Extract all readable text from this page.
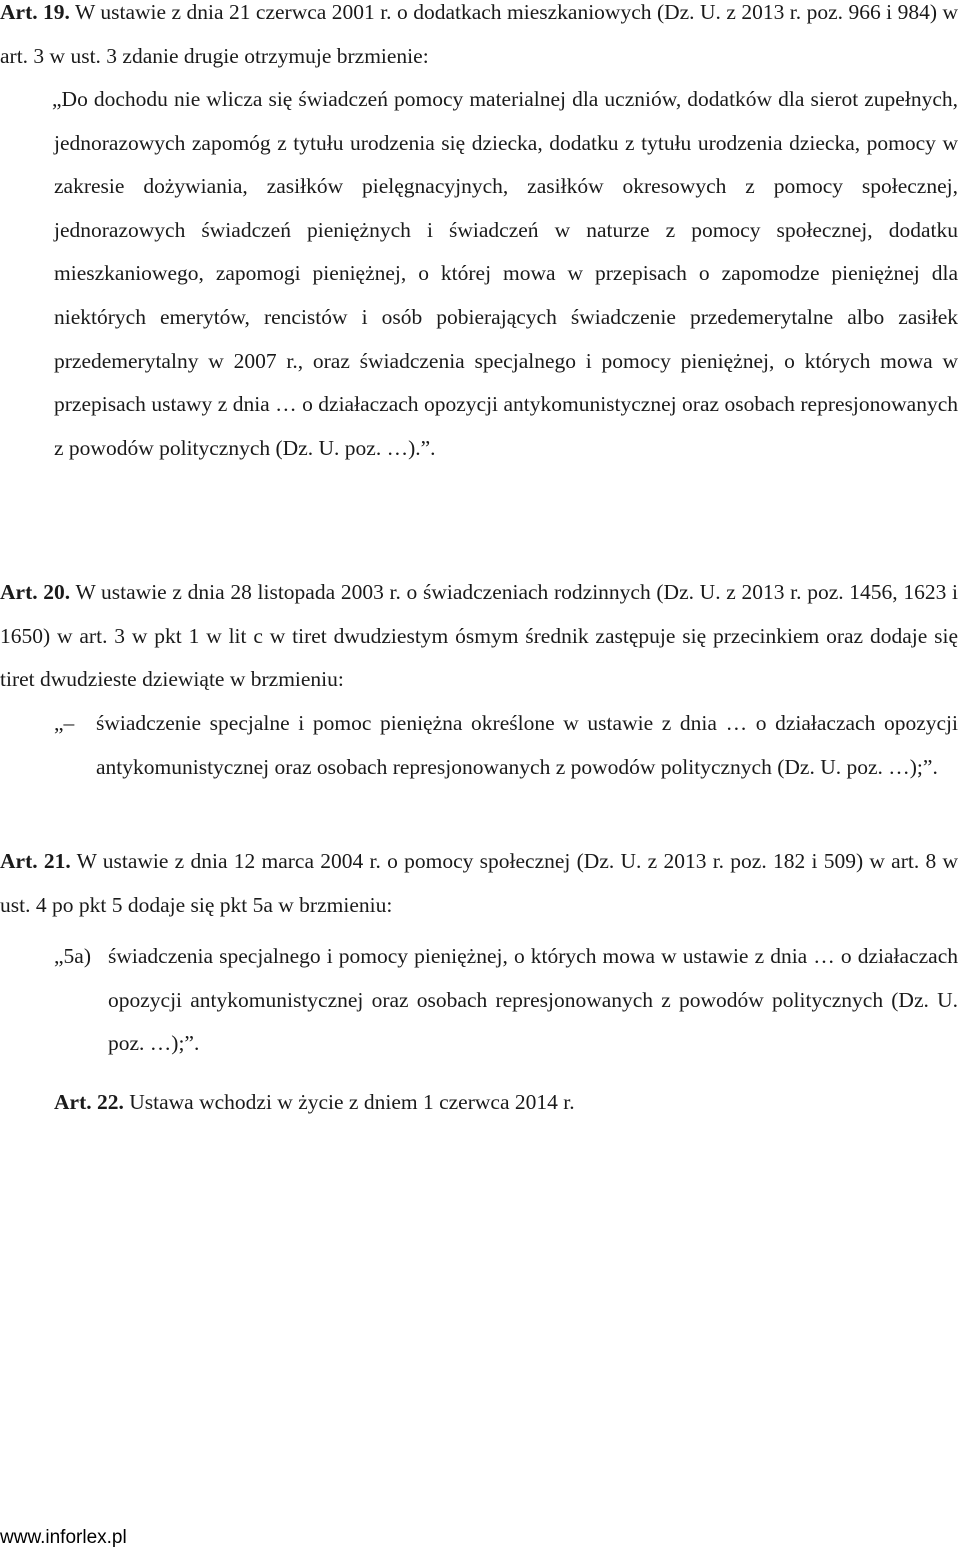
Art. 19. W ustawie z dnia 21 czerwca 2001 r. o dodatkach mieszkaniowych (Dz. U. z 2013 r. poz. 966 i 984) w art. 3 w ust. 3 zdanie drugie otrzymuje brzmienie:

„Do dochodu nie wlicza się świadczeń pomocy materialnej dla uczniów, dodatków dla sierot zupełnych, jednorazowych zapomóg z tytułu urodzenia się dziecka, dodatku z tytułu urodzenia dziecka, pomocy w zakresie dożywiania, zasiłków pielęgnacyjnych, zasiłków okresowych z pomocy społecznej, jednorazowych świadczeń pieniężnych i świadczeń w naturze z pomocy społecznej, dodatku mieszkaniowego, zapomogi pieniężnej, o której mowa w przepisach o zapomodze pieniężnej dla niektórych emerytów, rencistów i osób pobierających świadczenie przedemerytalne albo zasiłek przedemerytalny w 2007 r., oraz świadczenia specjalnego i pomocy pieniężnej, o których mowa w przepisach ustawy z dnia … o działaczach opozycji antykomunistycznej oraz osobach represjonowanych z powodów politycznych (Dz. U. poz. …).”.

Art. 20. W ustawie z dnia 28 listopada 2003 r. o świadczeniach rodzinnych (Dz. U. z 2013 r. poz. 1456, 1623 i 1650) w art. 3 w pkt 1 w lit c w tiret dwudziestym ósmym średnik zastępuje się przecinkiem oraz dodaje się tiret dwudzieste dziewiąte w brzmieniu:

„– świadczenie specjalne i pomoc pieniężna określone w ustawie z dnia … o działaczach opozycji antykomunistycznej oraz osobach represjonowanych z powodów politycznych (Dz. U. poz. …);”.

Art. 21. W ustawie z dnia 12 marca 2004 r. o pomocy społecznej (Dz. U. z 2013 r. poz. 182 i 509) w art. 8 w ust. 4 po pkt 5 dodaje się pkt 5a w brzmieniu:

„5a) świadczenia specjalnego i pomocy pieniężnej, o których mowa w ustawie z dnia … o działaczach opozycji antykomunistycznej oraz osobach represjonowanych z powodów politycznych (Dz. U. poz. …);”.

Art. 22. Ustawa wchodzi w życie z dniem 1 czerwca 2014 r.

www.inforlex.pl
